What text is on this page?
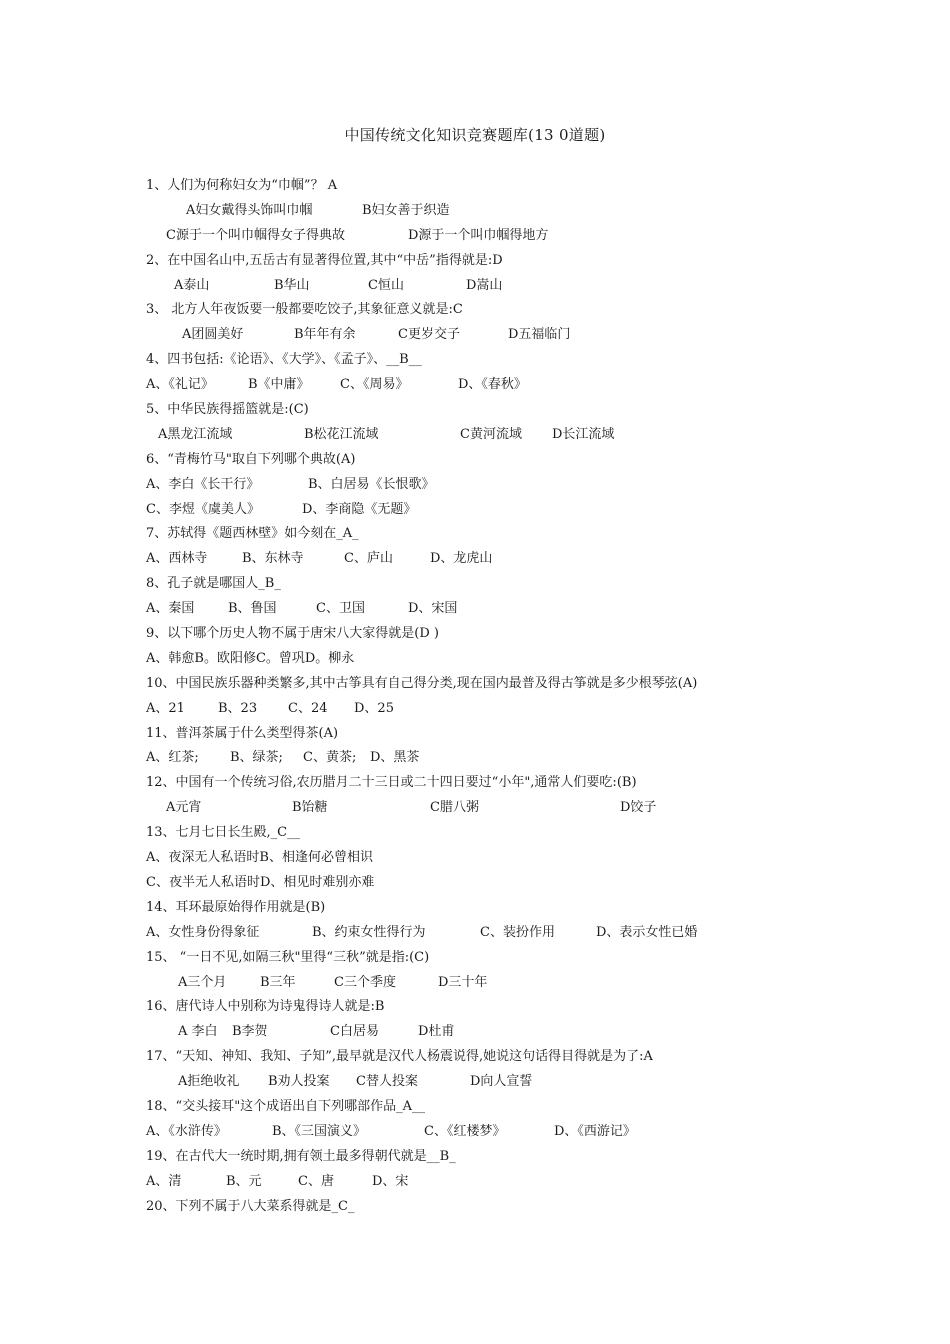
中国传统文化知识竞赛题库(13 0道题)
1、人们为何称妇女为“巾帼”？ A
A妇女戴得头饰叫巾帼	B妇女善于织造
C源于一个叫巾帼得女子得典故	D源于一个叫巾帼得地方
2、在中国名山中,五岳古有显著得位置,其中“中岳”指得就是:D
A泰山	B华山	C恒山	D嵩山
3、 北方人年夜饭要一般都要吃饺子,其象征意义就是:C
A团圆美好	B年年有余	C更岁交子	D五福临门
4、四书包括:《论语》、《大学》、《孟子》、__B__
A、《礼记》	B《中庸》 C、《周易》	D、《春秋》
5、中华民族得摇篮就是:(C)
A黑龙江流域	B松花江流域	C黄河流域 D长江流域
6、“青梅竹马"取自下列哪个典故(A)
A、李白《长干行》	B、白居易《长恨歌》
C、李煜《虞美人》	D、李商隐《无题》
7、苏轼得《题西林壁》如今刻在_A_
A、西林寺	B、东林寺	C、庐山	D、龙虎山
8、孔子就是哪国人_B_
A、秦国	B、鲁国	C、卫国	D、宋国
9、以下哪个历史人物不属于唐宋八大家得就是(D )
A、韩愈B。欧阳修C。曾巩D。柳永
10、中国民族乐器种类繁多,其中古筝具有自己得分类,现在国内最普及得古筝就是多少根琴弦(A)
A、21	B、23 C、24 D、25
11、普洱茶属于什么类型得茶(A)
A、红茶; B、绿茶; C、黄茶; D、黑茶
12、中国有一个传统习俗,农历腊月二十三日或二十四日要过“小年",通常人们要吃:(B)
A元宵	B饴糖	C腊八粥	D饺子
13、七月七日长生殿,_C__
A、夜深无人私语时B、相逢何必曾相识
C、夜半无人私语时D、相见时难别亦难
14、耳环最原始得作用就是(B)
A、女性身份得象征	B、约束女性得行为	C、装扮作用	D、表示女性已婚
15、 “一日不见,如隔三秋"里得“三秋”就是指:(C)
A三个月	B三年	C三个季度	D三十年
16、唐代诗人中别称为诗鬼得诗人就是:B
A 李白 B李贺	C白居易	D杜甫
17、“天知、神知、我知、子知”,最早就是汉代人杨震说得,她说这句话得目得就是为了:A
A拒绝收礼 B劝人投案 C替人投案	D向人宣誓
18、“交头接耳"这个成语出自下列哪部作品_A__
A、《水浒传》	B、《三国演义》	C、《红楼梦》	D、《西游记》
19、在古代大一统时期,拥有领土最多得朝代就是__B_
A、清	B、元	C、唐	D、宋
20、下列不属于八大菜系得就是_C_
